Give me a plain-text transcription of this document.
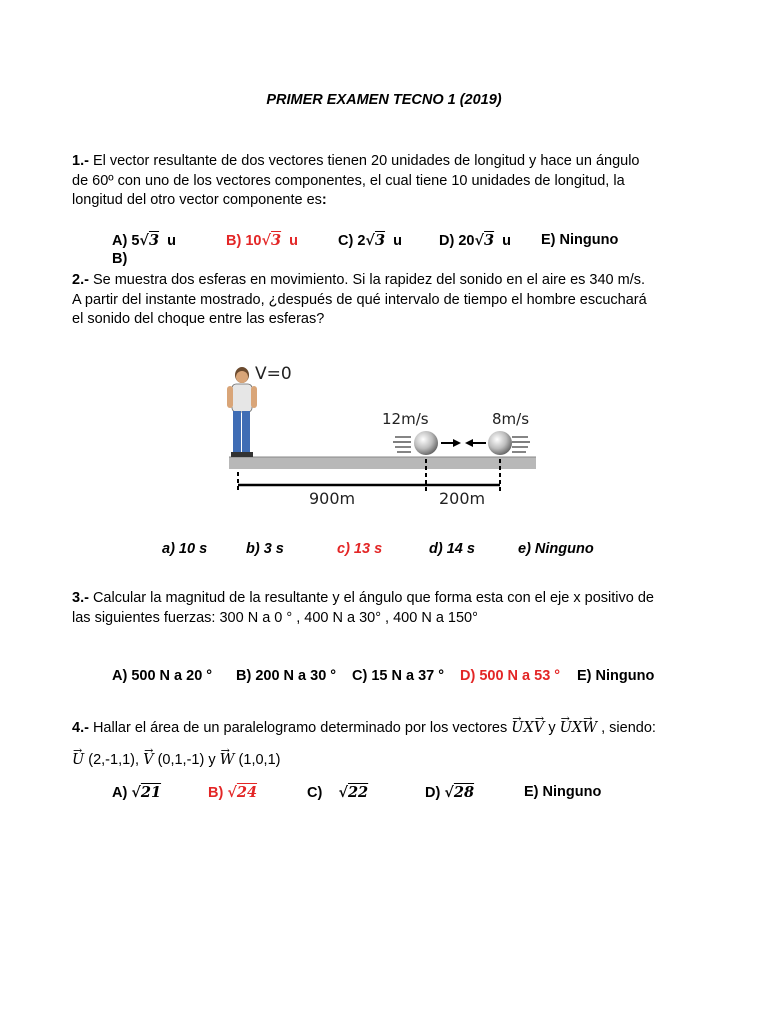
PRIMER EXAMEN TECNO 1 (2019)
1.- El vector resultante de dos vectores tienen 20 unidades de longitud y hace un ángulo
de 60º con uno de los vectores componentes, el cual tiene 10 unidades de longitud, la
longitud del otro vector componente es:
A) 5√3 u	B) 10√3 u	C) 2√3 u	D) 20√3 u E) Ninguno
B)
2.- Se muestra dos esferas en movimiento. Si la rapidez del sonido en el aire es 340 m/s.
A partir del instante mostrado, ¿después de qué intervalo de tiempo el hombre escuchará
el sonido del choque entre las esferas?
V=0
12m/s	8m/s
900m	200m
a) 10 s	b) 3 s	c) 13 s	d) 14 s	e) Ninguno
3.- Calcular la magnitud de la resultante y el ángulo que forma esta con el eje x positivo de
las siguientes fuerzas: 300 N a 0 ° , 400 N a 30° , 400 N a 150°
A) 500 N a 20 ° B) 200 N a 30 ° C) 15 N a 37 ° D) 500 N a 53 ° E) Ninguno
4.- Hallar el área de un paralelogramo determinado por los vectores → UX→ V y → UX→ W , siendo:
→ U (2,-1,1), → V (0,1,-1) y → W (1,0,1)
A) √21	B) √24	C) √22	D) √28	E) Ninguno
